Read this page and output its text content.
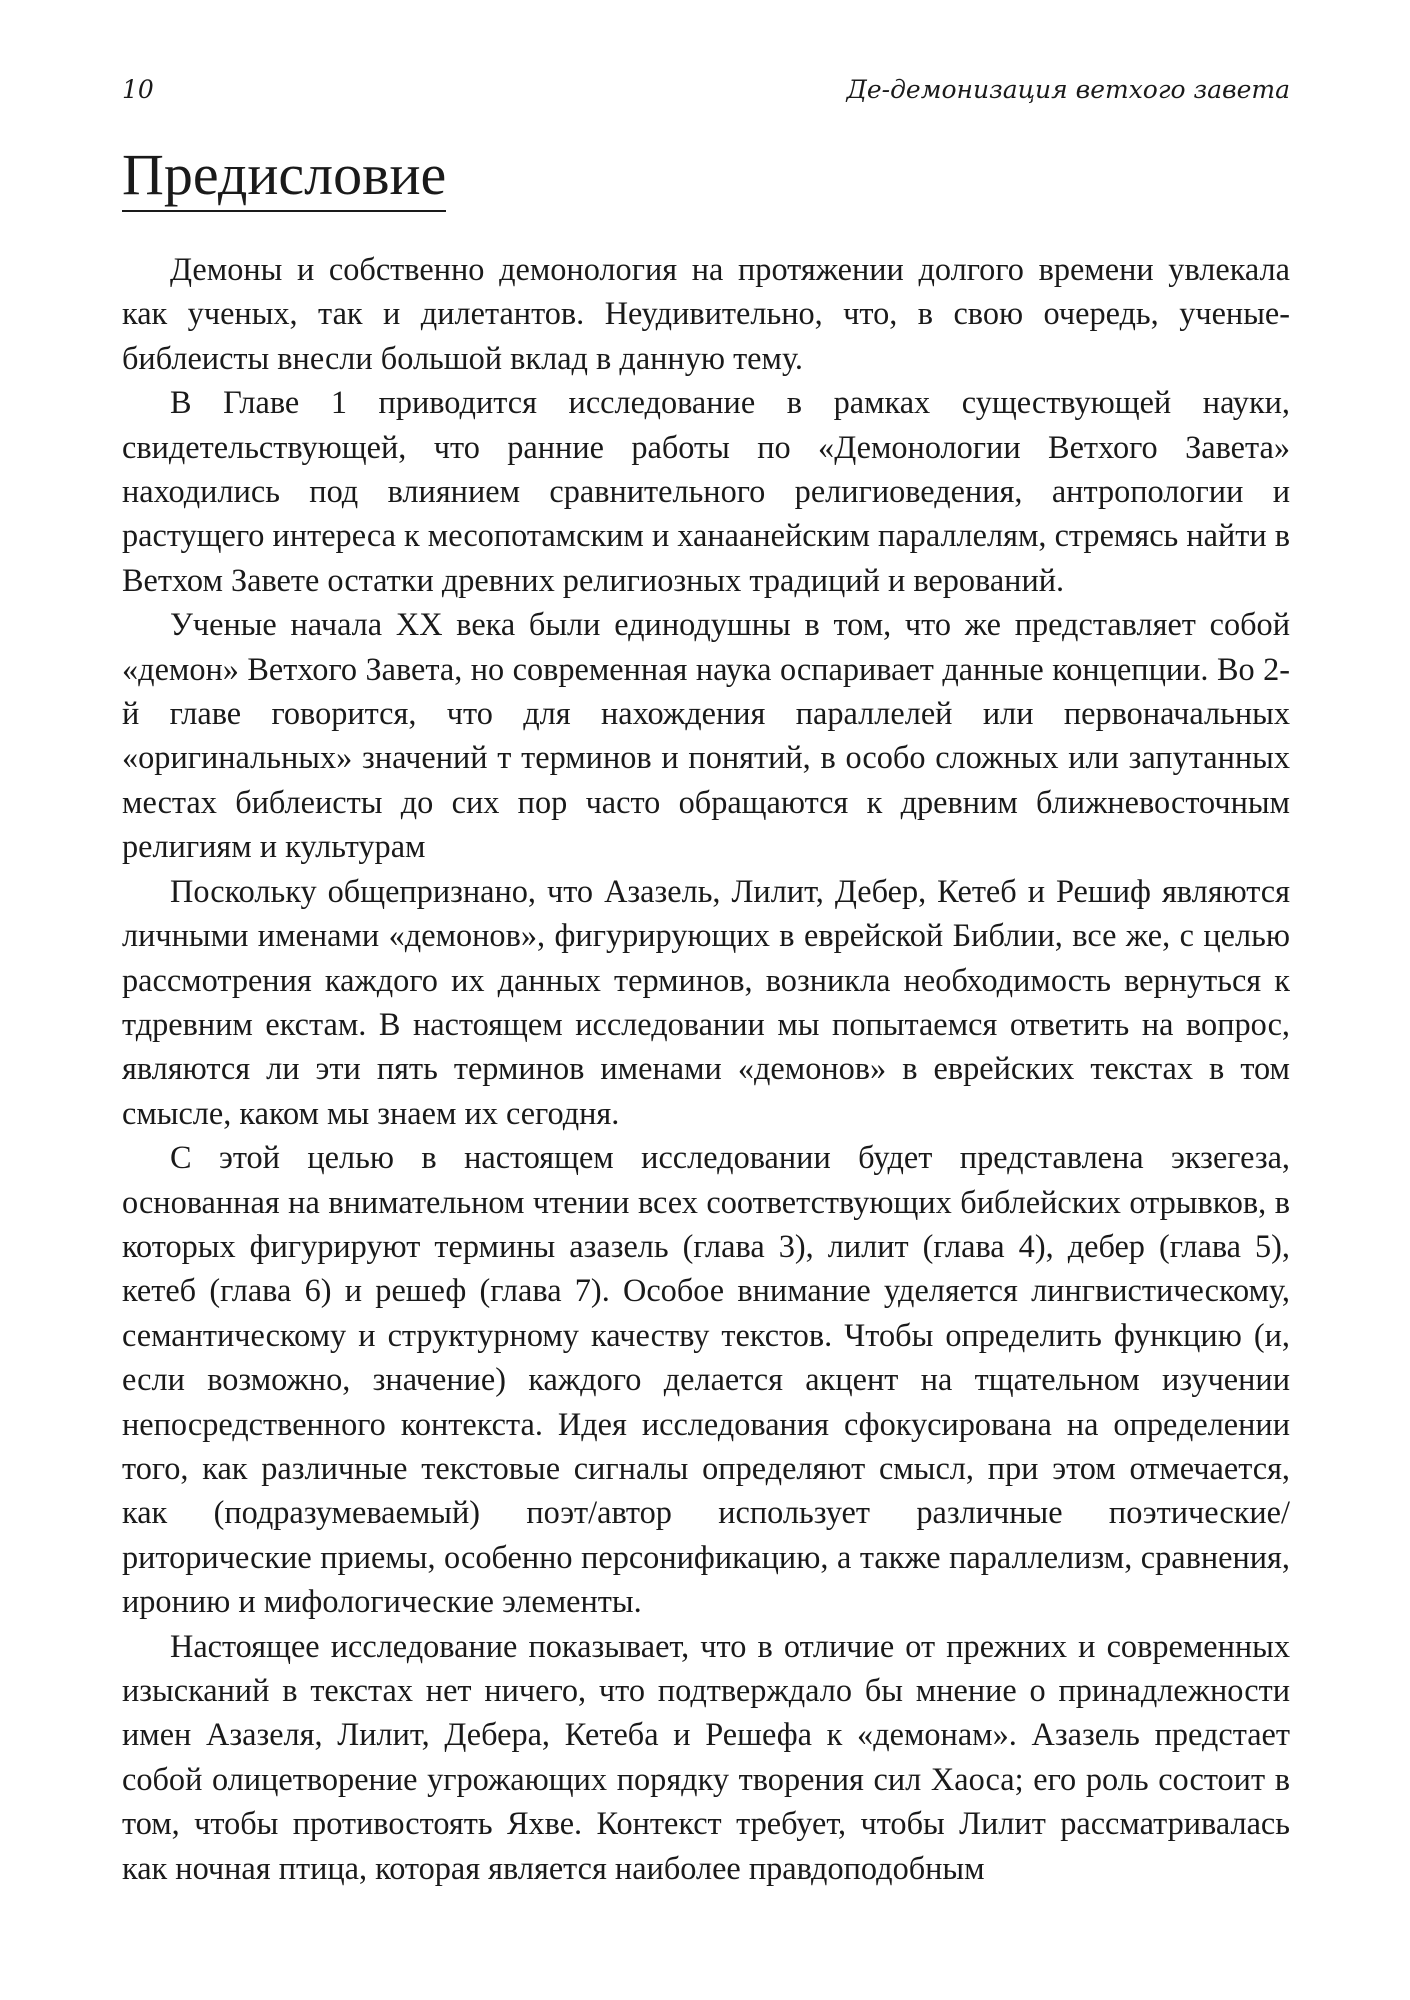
10	Де-демонизация ветхого завета
Предисловие

Демоны и собственно демонология на протяжении долгого времени увлекала как ученых, так и дилетантов. Неудивительно, что, в свою очередь, ученые-библеисты внесли большой вклад в данную тему.

В Главе 1 приводится исследование в рамках существующей науки, свидетельствующей, что ранние работы по «Демонологии Ветхого Завета» находились под влиянием сравнительного религиоведения, антропологии и растущего интереса к месопотамским и ханаанейским параллелям, стремясь найти в Ветхом Завете остатки древних религиозных традиций и верований.

Ученые начала XX века были единодушны в том, что же представляет собой «демон» Ветхого Завета, но современная наука оспаривает данные концепции. Во 2-й главе говорится, что для нахождения параллелей или первоначальных «оригинальных» значений т терминов и понятий, в особо сложных или запутанных местах библеисты до сих пор часто обращаются к древним ближневосточным религиям и культурам

Поскольку общепризнано, что Азазель, Лилит, Дебер, Кетеб и Решиф являются личными именами «демонов», фигурирующих в еврейской Библии, все же, с целью рассмотрения каждого их данных терминов, возникла необходимость вернуться к тдревним екстам. В настоящем исследовании мы попытаемся ответить на вопрос, являются ли эти пять терминов именами «демонов» в еврейских текстах в том смысле, каком мы знаем их сегодня.

С этой целью в настоящем исследовании будет представлена экзегеза, основанная на внимательном чтении всех соответствующих библейских отрывков, в которых фигурируют термины азазель (глава 3), лилит (глава 4), дебер (глава 5), кетеб (глава 6) и решеф (глава 7). Особое внимание уделяется лингвистическому, семантическому и структурному качеству текстов. Чтобы определить функцию (и, если возможно, значение) каждого делается акцент на тщательном изучении непосредственного контекста. Идея исследования сфокусирована на определении того, как различные текстовые сигналы определяют смысл, при этом отмечается, как (подразумеваемый) поэт/автор использует различные поэтические/ риторические приемы, особенно персонификацию, а также параллелизм, сравнения, иронию и мифологические элементы.

Настоящее исследование показывает, что в отличие от прежних и современных изысканий в текстах нет ничего, что подтверждало бы мнение о принадлежности имен Азазеля, Лилит, Дебера, Кетеба и Решефа к «демонам». Азазель предстает собой олицетворение угрожающих порядку творения сил Хаоса; его роль состоит в том, чтобы противостоять Яхве. Контекст требует, чтобы Лилит рассматривалась как ночная птица, которая является наиболее правдоподобным
